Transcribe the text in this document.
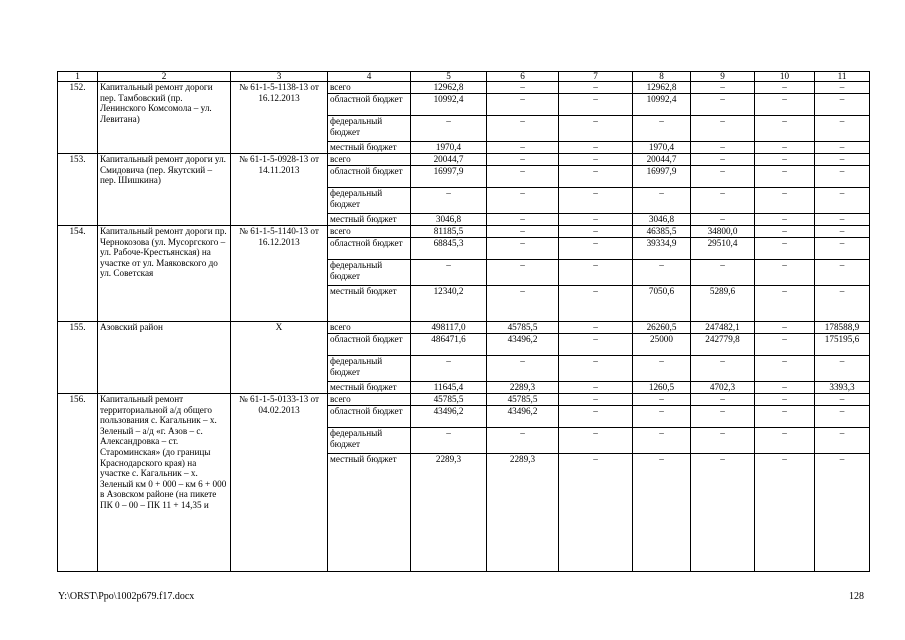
1	2	3	4	5	6	7	8	9	10	11
152.	Капитальный ремонт дороги пер. Тамбовский (пр. Ленинского Комсомола – ул. Левитана)	№ 61-1-5-1138-13 от 16.12.2013	всего	12962,8	–	–	12962,8	–	–	–
			областной бюджет	10992,4	–	–	10992,4	–	–	–
			федеральный бюджет	–	–	–	–	–	–	–
			местный бюджет	1970,4	–	–	1970,4	–	–	–
153.	Капитальный ремонт дороги ул. Смидовича (пер. Якутский – пер. Шишкина)	№ 61-1-5-0928-13 от 14.11.2013	всего	20044,7	–	–	20044,7	–	–	–
			областной бюджет	16997,9	–	–	16997,9	–	–	–
			федеральный бюджет	–	–	–	–	–	–	–
			местный бюджет	3046,8	–	–	3046,8	–	–	–
154.	Капитальный ремонт дороги пр. Чернокозова (ул. Мусоргского – ул. Рабоче-Крестьянская) на участке от ул. Маяковского до ул. Советская	№ 61-1-5-1140-13 от 16.12.2013	всего	81185,5	–	–	46385,5	34800,0	–	–
			областной бюджет	68845,3	–	–	39334,9	29510,4	–	–
			федеральный бюджет	–	–	–	–	–	–	–
			местный бюджет	12340,2	–	–	7050,6	5289,6	–	–
155.	Азовский район	Х	всего	498117,0	45785,5	–	26260,5	247482,1	–	178588,9
			областной бюджет	486471,6	43496,2	–	25000	242779,8	–	175195,6
			федеральный бюджет	–	–	–	–	–	–	–
			местный бюджет	11645,4	2289,3	–	1260,5	4702,3	–	3393,3
156.	Капитальный ремонт территориальной а/д общего пользования с. Кагальник – х. Зеленый – а/д «г. Азов – с. Александровка – ст. Староминская» (до границы Краснодарского края) на участке с. Кагальник – х. Зеленый км 0 + 000 – км 6 + 000 в Азовском районе (на пикете ПК 0 – 00 – ПК 11 + 14,35 и	№ 61-1-5-0133-13 от 04.02.2013	всего	45785,5	45785,5	–	–	–	–	–
			областной бюджет	43496,2	43496,2	–	–	–	–	–
			федеральный бюджет	–	–	–	–	–	–	–
			местный бюджет	2289,3	2289,3	–	–	–	–	–
Y:\ORST\Ppo\1002p679.f17.docx	128
